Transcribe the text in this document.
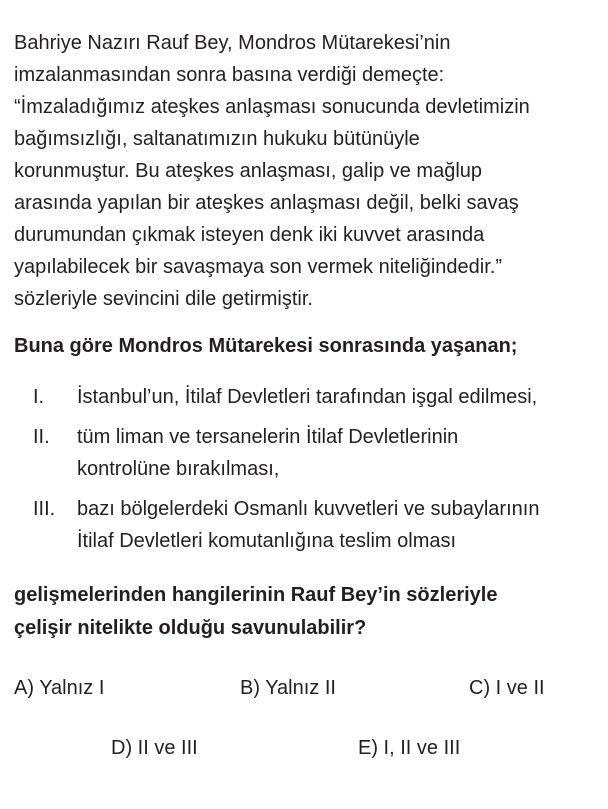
Bahriye Nazırı Rauf Bey, Mondros Mütarekesi’nin

imzalanmasından sonra basına verdiği demeçte:

“İmzaladığımız ateşkes anlaşması sonucunda devletimizin

bağımsızlığı, saltanatımızın hukuku bütünüyle

korunmuştur. Bu ateşkes anlaşması, galip ve mağlup

arasında yapılan bir ateşkes anlaşması değil, belki savaş

durumundan çıkmak isteyen denk iki kuvvet arasında

yapılabilecek bir savaşmaya son vermek niteliğindedir.”

sözleriyle sevincini dile getirmiştir.

Buna göre Mondros Mütarekesi sonrasında yaşanan;

I. İstanbul’un, İtilaf Devletleri tarafından işgal edilmesi,
II. tüm liman ve tersanelerin İtilaf Devletlerinin
kontrolüne bırakılması,
III. bazı bölgelerdeki Osmanlı kuvvetleri ve subaylarının
İtilaf Devletleri komutanlığına teslim olması

gelişmelerinden hangilerinin Rauf Bey’in sözleriyle

çelişir nitelikte olduğu savunulabilir?

A) Yalnız I	B) Yalnız II	C) I ve II
D) II ve III	E) I, II ve III
